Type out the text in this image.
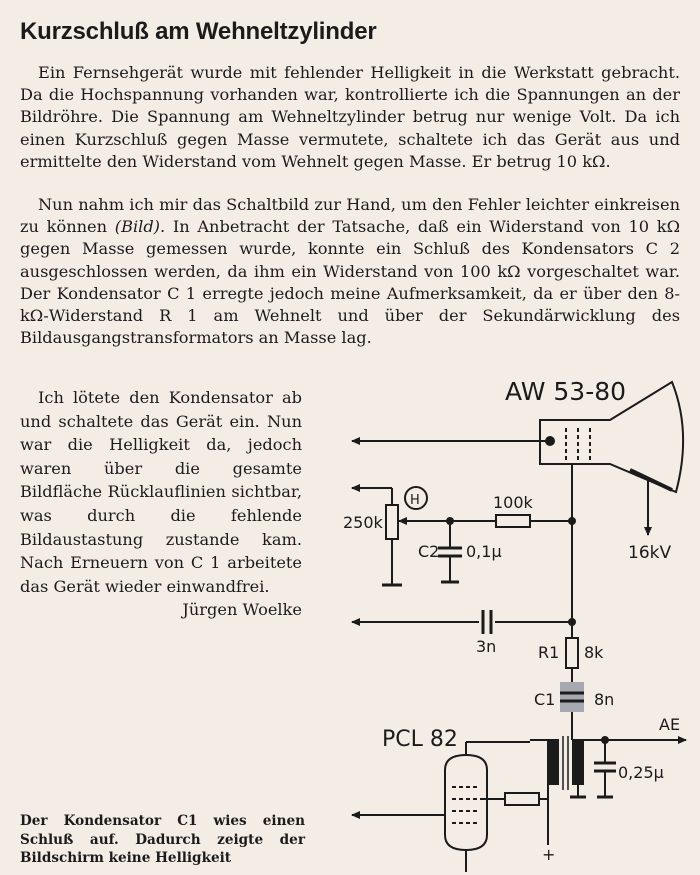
Kurzschluß am Wehneltzylinder

Ein Fernsehgerät wurde mit fehlender Helligkeit in die Werkstatt gebracht. Da die Hochspannung vorhanden war, kontrollierte ich die Spannungen an der Bildröhre. Die Spannung am Wehneltzylinder betrug nur wenige Volt. Da ich einen Kurzschluß gegen Masse vermutete, schaltete ich das Gerät aus und ermittelte den Widerstand vom Wehnelt gegen Masse. Er betrug 10 kΩ.

Nun nahm ich mir das Schaltbild zur Hand, um den Fehler leichter einkreisen zu können (Bild). In Anbetracht der Tatsache, daß ein Widerstand von 10 kΩ gegen Masse gemessen wurde, konnte ein Schluß des Kondensators C 2 ausgeschlossen werden, da ihm ein Widerstand von 100 kΩ vorgeschaltet war. Der Kondensator C 1 erregte jedoch meine Aufmerksamkeit, da er über den 8-kΩ-Widerstand R 1 am Wehnelt und über der Sekundärwicklung des Bildausgangstransformators an Masse lag.

Ich lötete den Kondensator ab und schaltete das Gerät ein. Nun war die Helligkeit da, jedoch waren über die gesamte Bildfläche Rücklauflinien sichtbar, was durch die fehlende Bildaustastung zustande kam. Nach Erneuern von C 1 arbeitete das Gerät wieder einwandfrei.
Jürgen Woelke

Der Kondensator C1 wies einen Schluß auf. Dadurch zeigte der Bildschirm keine Helligkeit
AW 53-80
16kV
250k
H	100k
C2 0,1µ
3n	R1 8k
C1 8n
PCL 82
AE
0,25µ
+
